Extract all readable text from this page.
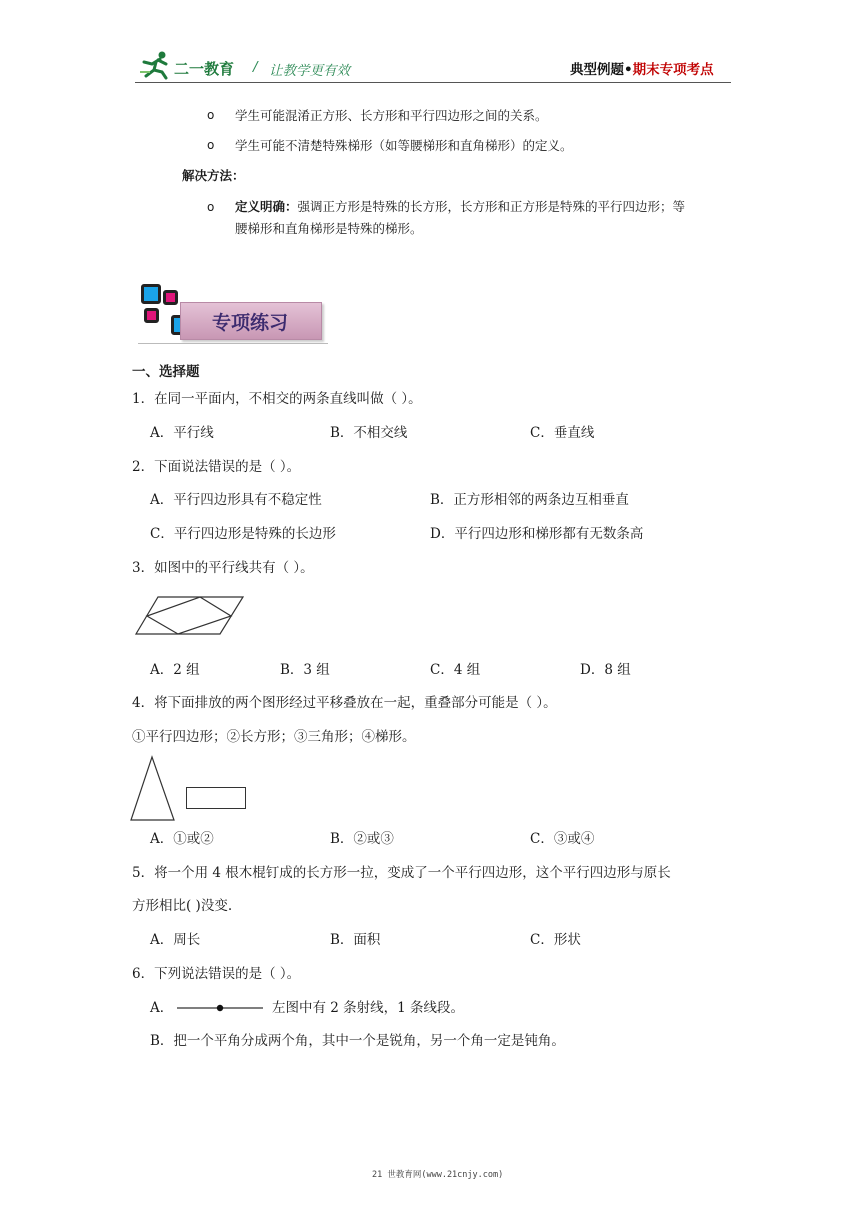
二一教育 / 让教学更有效	典型例题•期末专项考点
o 学生可能混淆正方形、长方形和平行四边形之间的关系。
o 学生可能不清楚特殊梯形（如等腰梯形和直角梯形）的定义。
解决方法：
o 定义明确：强调正方形是特殊的长方形，长方形和正方形是特殊的平行四边形；等
腰梯形和直角梯形是特殊的梯形。
专项练习
一、选择题
1．在同一平面内，不相交的两条直线叫做（ ）。
A．平行线	B．不相交线	C．垂直线
2．下面说法错误的是（ ）。
A．平行四边形具有不稳定性	B．正方形相邻的两条边互相垂直
C．平行四边形是特殊的长边形	D．平行四边形和梯形都有无数条高
3．如图中的平行线共有（ ）。
A．2 组	B．3 组	C．4 组	D．8 组
4．将下面排放的两个图形经过平移叠放在一起，重叠部分可能是（ ）。
①平行四边形；②长方形；③三角形；④梯形。
A．①或②	B．②或③	C．③或④
5．将一个用 4 根木棍钉成的长方形一拉，变成了一个平行四边形，这个平行四边形与原长
方形相比( )没变.
A．周长	B．面积	C．形状
6．下列说法错误的是（ ）。
A．	左图中有 2 条射线，1 条线段。
B．把一个平角分成两个角，其中一个是锐角，另一个角一定是钝角。
21 世教育网(www.21cnjy.com)
